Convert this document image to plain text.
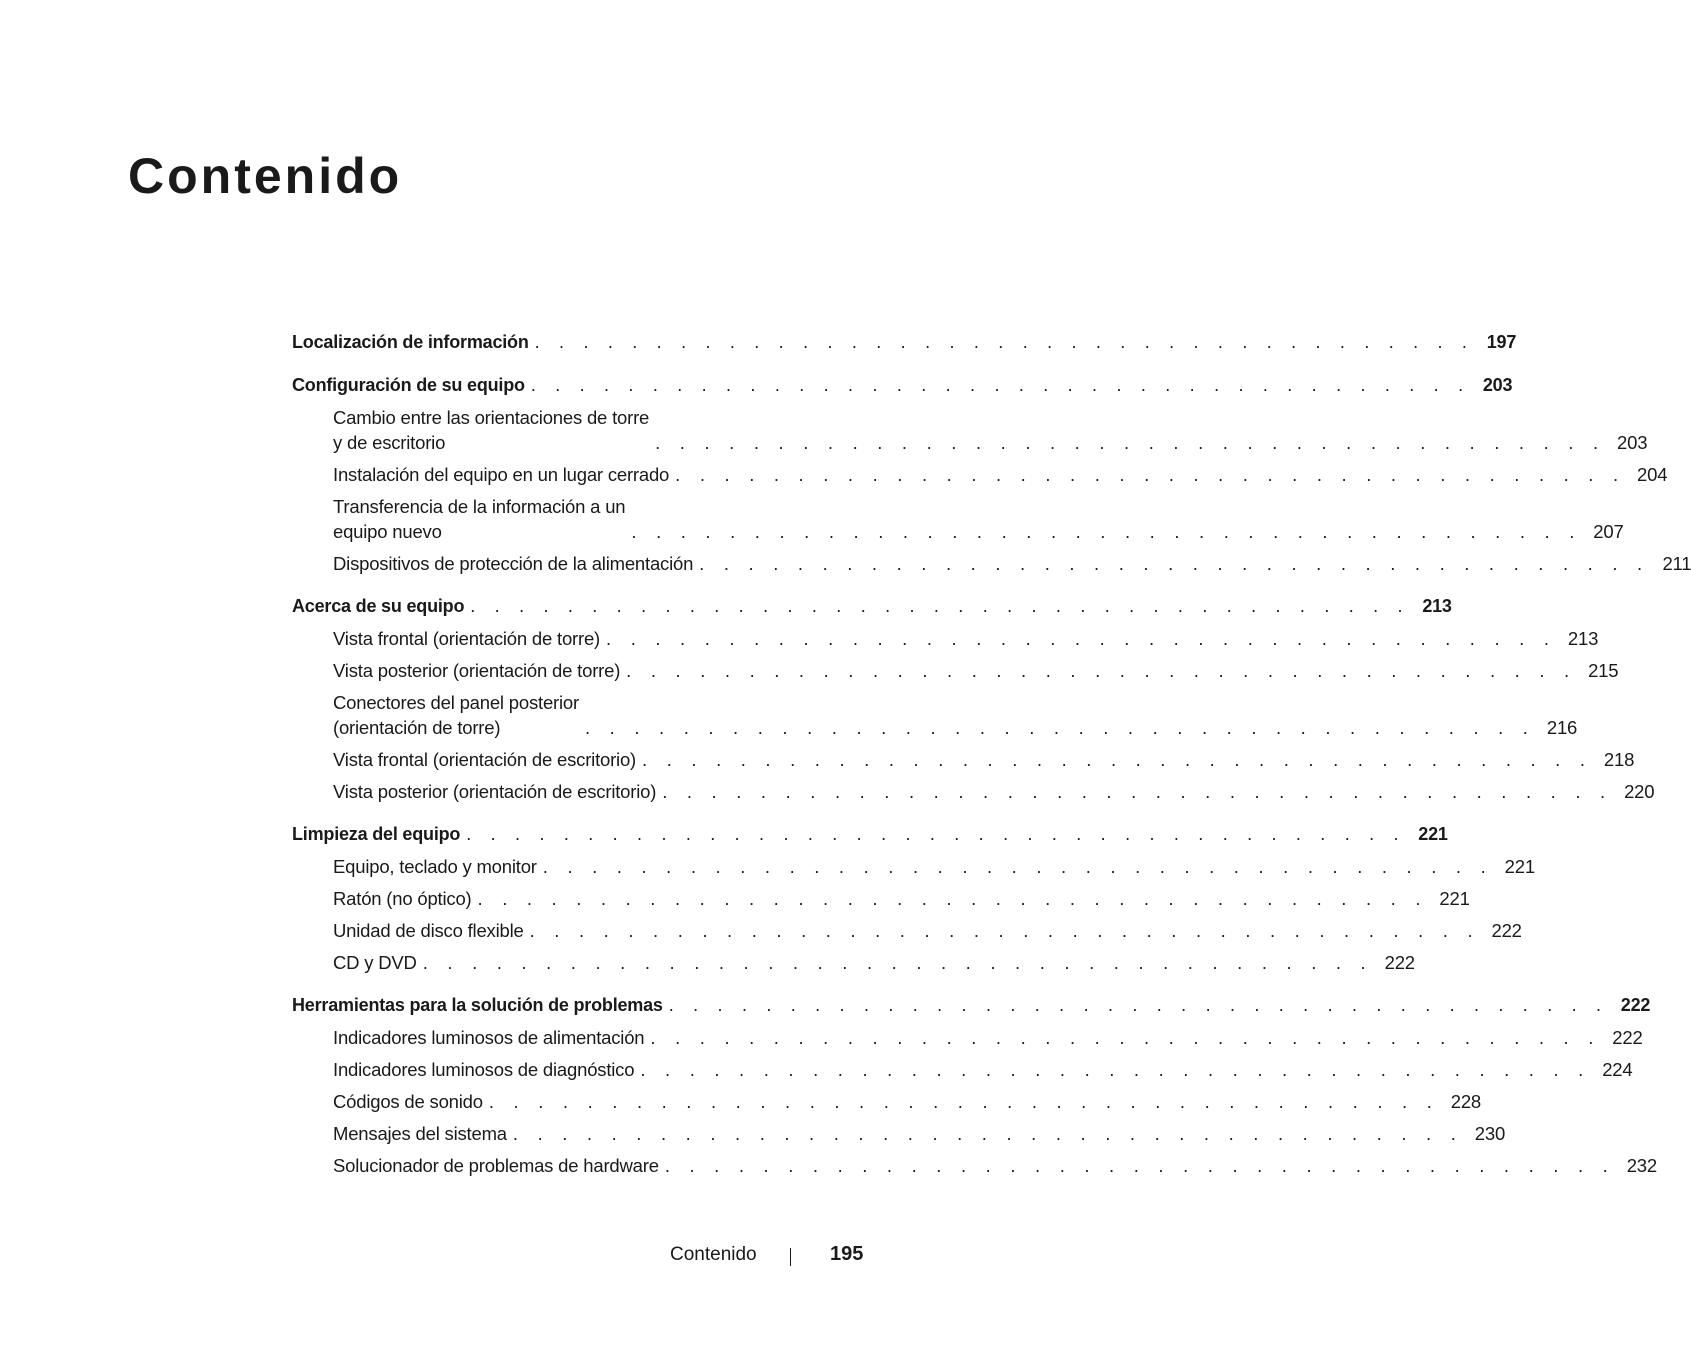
Contenido
Localización de información . . . . . . . . . . . . . . . . . . . . . . . . . . . . . . . . . . . . . . . 197
Configuración de su equipo . . . . . . . . . . . . . . . . . . . . . . . . . . . . . . . . . . . . . . . 203
Cambio entre las orientaciones de torre
y de escritorio	. . . . . . . . . . . . . . . . . . . . . . . . . . . . . . . . . . . . . . . 203
Instalación del equipo en un lugar cerrado . . . . . . . . . . . . . . . . . . . . . . . . . . . . . . . . . . . . . . . 204
Transferencia de la información a un
equipo nuevo	. . . . . . . . . . . . . . . . . . . . . . . . . . . . . . . . . . . . . . . 207
Dispositivos de protección de la alimentación . . . . . . . . . . . . . . . . . . . . . . . . . . . . . . . . . . . . . . . 211
Acerca de su equipo . . . . . . . . . . . . . . . . . . . . . . . . . . . . . . . . . . . . . . . 213
Vista frontal (orientación de torre) . . . . . . . . . . . . . . . . . . . . . . . . . . . . . . . . . . . . . . . 213
Vista posterior (orientación de torre) . . . . . . . . . . . . . . . . . . . . . . . . . . . . . . . . . . . . . . . 215
Conectores del panel posterior
(orientación de torre)	. . . . . . . . . . . . . . . . . . . . . . . . . . . . . . . . . . . . . . . 216
Vista frontal (orientación de escritorio) . . . . . . . . . . . . . . . . . . . . . . . . . . . . . . . . . . . . . . . 218
Vista posterior (orientación de escritorio) . . . . . . . . . . . . . . . . . . . . . . . . . . . . . . . . . . . . . . . 220
Limpieza del equipo . . . . . . . . . . . . . . . . . . . . . . . . . . . . . . . . . . . . . . . 221
Equipo, teclado y monitor . . . . . . . . . . . . . . . . . . . . . . . . . . . . . . . . . . . . . . . 221
Ratón (no óptico) . . . . . . . . . . . . . . . . . . . . . . . . . . . . . . . . . . . . . . . 221
Unidad de disco flexible . . . . . . . . . . . . . . . . . . . . . . . . . . . . . . . . . . . . . . . 222
CD y DVD . . . . . . . . . . . . . . . . . . . . . . . . . . . . . . . . . . . . . . . 222
Herramientas para la solución de problemas . . . . . . . . . . . . . . . . . . . . . . . . . . . . . . . . . . . . . . . 222
Indicadores luminosos de alimentación . . . . . . . . . . . . . . . . . . . . . . . . . . . . . . . . . . . . . . . 222
Indicadores luminosos de diagnóstico . . . . . . . . . . . . . . . . . . . . . . . . . . . . . . . . . . . . . . . 224
Códigos de sonido . . . . . . . . . . . . . . . . . . . . . . . . . . . . . . . . . . . . . . . 228
Mensajes del sistema . . . . . . . . . . . . . . . . . . . . . . . . . . . . . . . . . . . . . . . 230
Solucionador de problemas de hardware . . . . . . . . . . . . . . . . . . . . . . . . . . . . . . . . . . . . . . . 232
Contenido	195
